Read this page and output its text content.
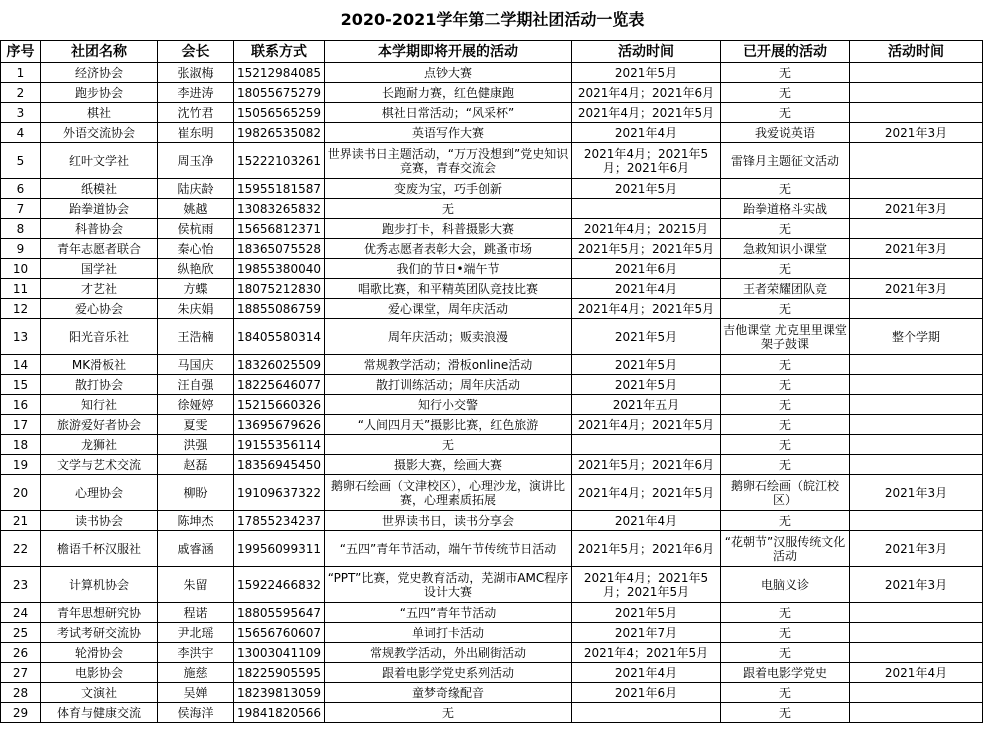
2020-2021学年第二学期社团活动一览表
序号	社团名称	会长	联系方式	本学期即将开展的活动	活动时间	已开展的活动	活动时间
1	经济协会	张淑梅	15212984085	点钞大赛	2021年5月	无	
2	跑步协会	李进涛	18055675279	长跑耐力赛，红色健康跑	2021年4月；2021年6月	无	
3	棋社	沈竹君	15056565259	棋社日常活动；“风采杯”	2021年4月；2021年5月	无	
4	外语交流协会	崔东明	19826535082	英语写作大赛	2021年4月	我爱说英语	2021年3月
5	红叶文学社	周玉净	15222103261	世界读书日主题活动，“万万没想到”党史知识竞赛，青春交流会	2021年4月；2021年5月；2021年6月	雷锋月主题征文活动	
6	纸模社	陆庆龄	15955181587	变废为宝，巧手创新	2021年5月	无	
7	跆拳道协会	姚越	13083265832	无		跆拳道格斗实战	2021年3月
8	科普协会	侯杭雨	15656812371	跑步打卡，科普摄影大赛	2021年4月；20215月	无	
9	青年志愿者联合	秦心怡	18365075528	优秀志愿者表彰大会，跳蚤市场	2021年5月；2021年5月	急救知识小课堂	2021年3月
10	国学社	纵艳欣	19855380040	我们的节日•端午节	2021年6月	无	
11	才艺社	方蝶	18075212830	唱歌比赛，和平精英团队竞技比赛	2021年4月	王者荣耀团队竞	2021年3月
12	爱心协会	朱庆娟	18855086759	爱心课堂，周年庆活动	2021年4月；2021年5月	无	
13	阳光音乐社	王浩楠	18405580314	周年庆活动；贩卖浪漫	2021年5月	吉他课堂 尤克里里课堂 架子鼓课	整个学期
14	MK滑板社	马国庆	18326025509	常规教学活动；滑板online活动	2021年5月	无	
15	散打协会	汪自强	18225646077	散打训练活动；周年庆活动	2021年5月	无	
16	知行社	徐娅婷	15215660326	知行小交警	2021年五月	无	
17	旅游爱好者协会	夏雯	13695679626	“人间四月天”摄影比赛，红色旅游	2021年4月；2021年5月	无	
18	龙狮社	洪强	19155356114	无		无	
19	文学与艺术交流	赵磊	18356945450	摄影大赛，绘画大赛	2021年5月；2021年6月	无	
20	心理协会	柳盼	19109637322	鹅卵石绘画（文津校区），心理沙龙，演讲比赛，心理素质拓展	2021年4月；2021年5月	鹅卵石绘画（皖江校区）	2021年3月
21	读书协会	陈坤杰	17855234237	世界读书日，读书分享会	2021年4月	无	
22	檐语千杯汉服社	戚睿涵	19956099311	“五四”青年节活动，端午节传统节日活动	2021年5月；2021年6月	“花朝节”汉服传统文化活动	2021年3月
23	计算机协会	朱留	15922466832	“PPT”比赛，党史教育活动，芜湖市AMC程序设计大赛	2021年4月；2021年5月；2021年5月	电脑义诊	2021年3月
24	青年思想研究协	程诺	18805595647	“五四”青年节活动	2021年5月	无	
25	考试考研交流协	尹北瑶	15656760607	单词打卡活动	2021年7月	无	
26	轮滑协会	李洪宇	13003041109	常规教学活动，外出刷街活动	2021年4；2021年5月	无	
27	电影协会	施慈	18225905595	跟着电影学党史系列活动	2021年4月	跟着电影学党史	2021年4月
28	文演社	吴婵	18239813059	童梦奇缘配音	2021年6月	无	
29	体育与健康交流	侯海洋	19841820566	无		无	
